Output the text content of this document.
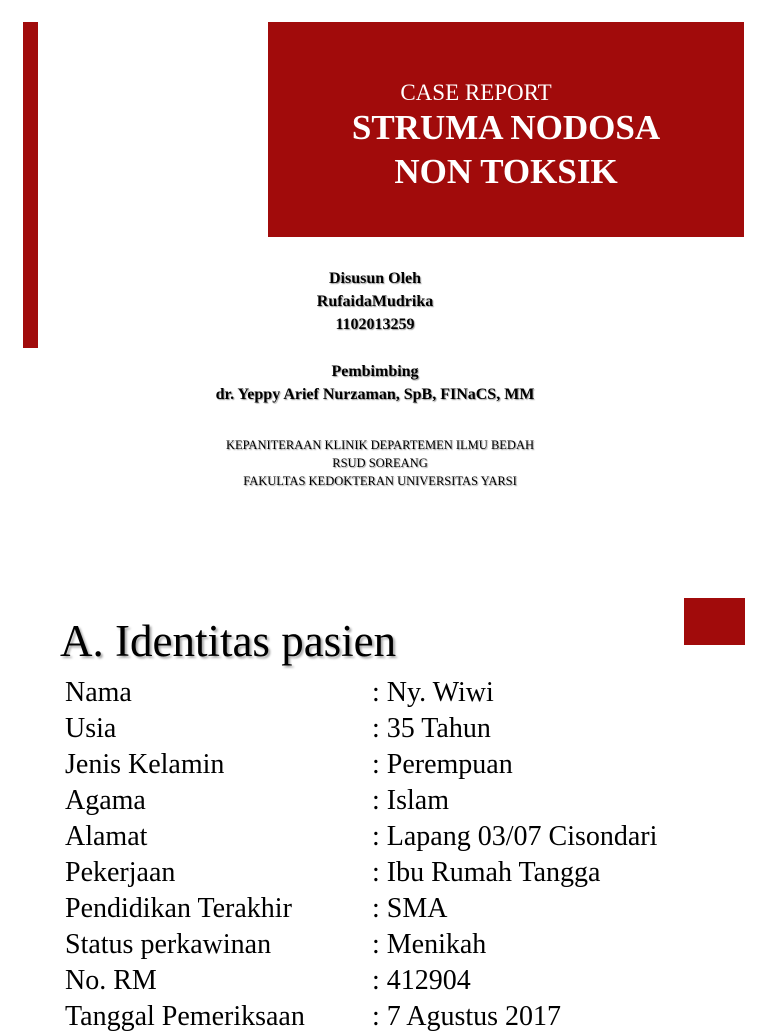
CASE REPORT
STRUMA NODOSA
NON TOKSIK
Disusun Oleh
RufaidaMudrika
1102013259
Pembimbing
dr. Yeppy Arief Nurzaman, SpB, FINaCS, MM
KEPANITERAAN KLINIK DEPARTEMEN ILMU BEDAH
RSUD SOREANG
FAKULTAS KEDOKTERAN UNIVERSITAS YARSI
A. Identitas pasien
Nama	: Ny. Wiwi
Usia	: 35 Tahun
Jenis Kelamin	: Perempuan
Agama	: Islam
Alamat	: Lapang 03/07 Cisondari
Pekerjaan	: Ibu Rumah Tangga
Pendidikan Terakhir	: SMA
Status perkawinan	: Menikah
No. RM	: 412904
Tanggal Pemeriksaan : 7 Agustus 2017
